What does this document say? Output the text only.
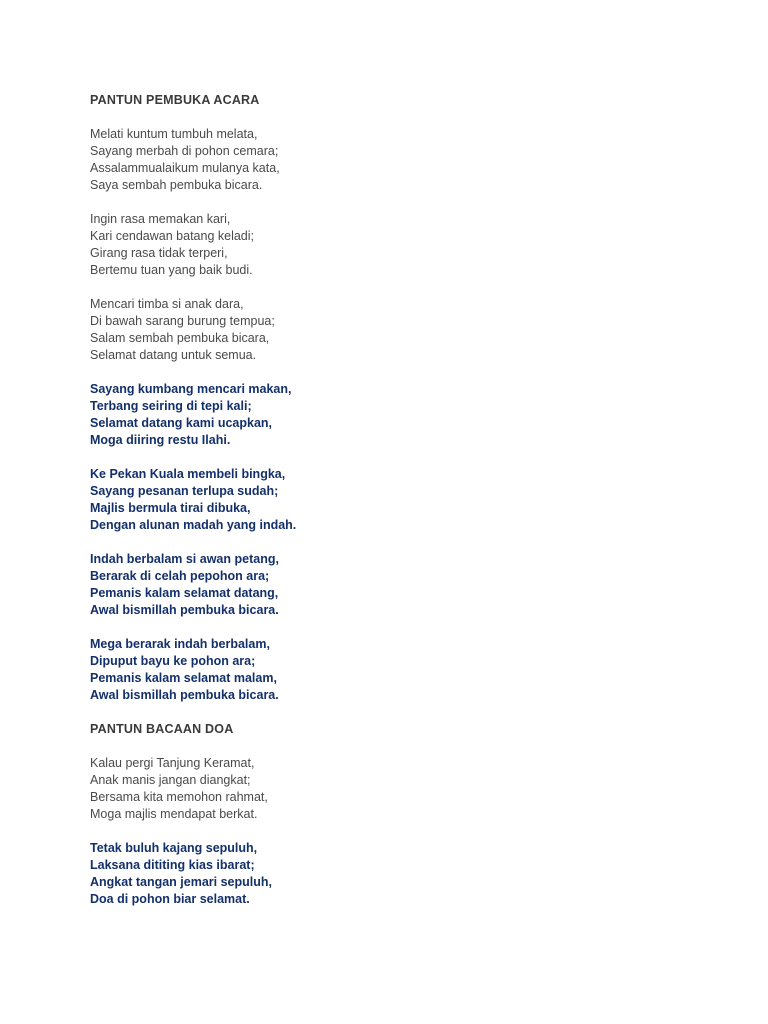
PANTUN PEMBUKA ACARA
Melati kuntum tumbuh melata,
Sayang merbah di pohon cemara;
Assalammualaikum mulanya kata,
Saya sembah pembuka bicara.
Ingin rasa memakan kari,
Kari cendawan batang keladi;
Girang rasa tidak terperi,
Bertemu tuan yang baik budi.
Mencari timba si anak dara,
Di bawah sarang burung tempua;
Salam sembah pembuka bicara,
Selamat datang untuk semua.
Sayang kumbang mencari makan,
Terbang seiring di tepi kali;
Selamat datang kami ucapkan,
Moga diiring restu Ilahi.
Ke Pekan Kuala membeli bingka,
Sayang pesanan terlupa sudah;
Majlis bermula tirai dibuka,
Dengan alunan madah yang indah.
Indah berbalam si awan petang,
Berarak di celah pepohon ara;
Pemanis kalam selamat datang,
Awal bismillah pembuka bicara.
Mega berarak indah berbalam,
Dipuput bayu ke pohon ara;
Pemanis kalam selamat malam,
Awal bismillah pembuka bicara.
PANTUN BACAAN DOA
Kalau pergi Tanjung Keramat,
Anak manis jangan diangkat;
Bersama kita memohon rahmat,
Moga majlis mendapat berkat.
Tetak buluh kajang sepuluh,
Laksana dititing kias ibarat;
Angkat tangan jemari sepuluh,
Doa di pohon biar selamat.
